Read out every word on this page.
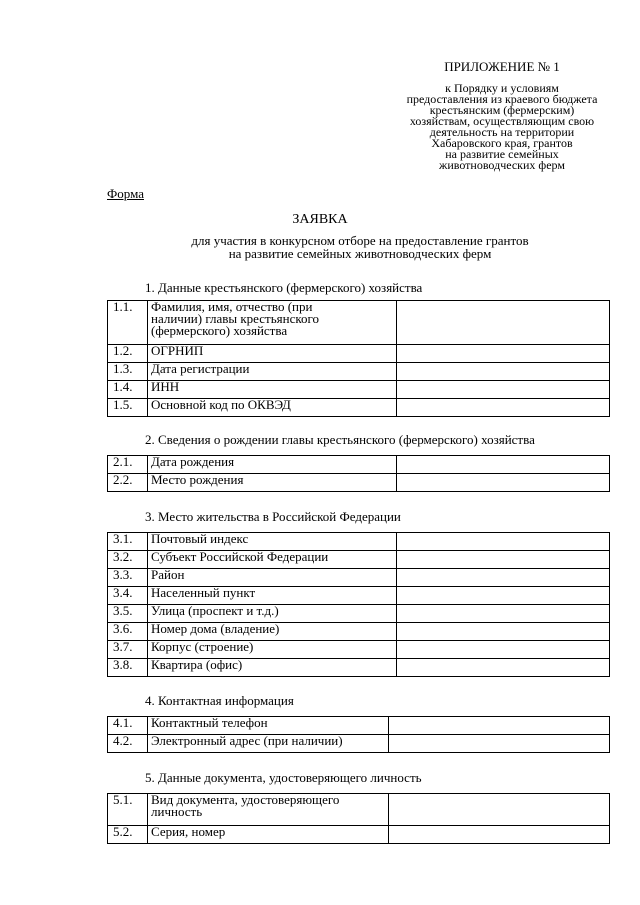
ПРИЛОЖЕНИЕ № 1
к Порядку и условиям
предоставления из краевого бюджета
крестьянским (фермерским)
хозяйствам, осуществляющим свою
деятельность на территории
Хабаровского края, грантов
на развитие семейных
животноводческих ферм
Форма
ЗАЯВКА
для участия в конкурсном отборе на предоставление грантов
на развитие семейных животноводческих ферм
1. Данные крестьянского (фермерского) хозяйства
1.1.	Фамилия, имя, отчество (при
наличии) главы крестьянского
(фермерского) хозяйства	

1.2.	ОГРНИП	

1.3.	Дата регистрации	

1.4.	ИНН	

1.5.	Основной код по ОКВЭД	

2. Сведения о рождении главы крестьянского (фермерского) хозяйства
2.1.	Дата рождения	

2.2.	Место рождения	

3. Место жительства в Российской Федерации
3.1.	Почтовый индекс	

3.2.	Субъект Российской Федерации	

3.3.	Район	

3.4.	Населенный пункт	

3.5.	Улица (проспект и т.д.)	

3.6.	Номер дома (владение)	

3.7.	Корпус (строение)	

3.8.	Квартира (офис)	

4. Контактная информация
4.1.	Контактный телефон	

4.2.	Электронный адрес (при наличии)	

5. Данные документа, удостоверяющего личность
5.1.	Вид документа, удостоверяющего
личность	

5.2.	Серия, номер	
